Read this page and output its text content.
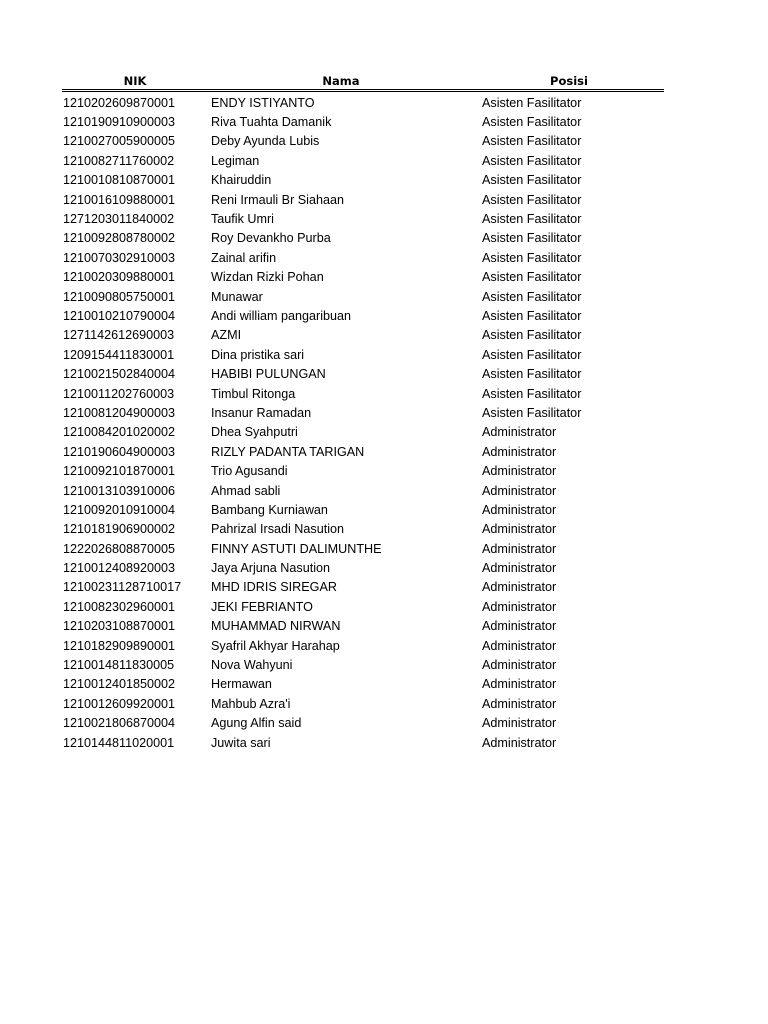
NIK	Nama	Posisi
1210202609870001	ENDY ISTIYANTO	Asisten Fasilitator
1210190910900003	Riva Tuahta Damanik	Asisten Fasilitator
1210027005900005	Deby Ayunda Lubis	Asisten Fasilitator
1210082711760002	Legiman	Asisten Fasilitator
1210010810870001	Khairuddin	Asisten Fasilitator
1210016109880001	Reni Irmauli Br Siahaan	Asisten Fasilitator
1271203011840002	Taufik Umri	Asisten Fasilitator
1210092808780002	Roy Devankho Purba	Asisten Fasilitator
1210070302910003	Zainal arifin	Asisten Fasilitator
1210020309880001	Wizdan Rizki Pohan	Asisten Fasilitator
1210090805750001	Munawar	Asisten Fasilitator
1210010210790004	Andi william pangaribuan	Asisten Fasilitator
1271142612690003	AZMI	Asisten Fasilitator
1209154411830001	Dina pristika sari	Asisten Fasilitator
1210021502840004	HABIBI PULUNGAN	Asisten Fasilitator
1210011202760003	Timbul Ritonga	Asisten Fasilitator
1210081204900003	Insanur Ramadan	Asisten Fasilitator
1210084201020002	Dhea Syahputri	Administrator
1210190604900003	RIZLY PADANTA TARIGAN	Administrator
1210092101870001	Trio Agusandi	Administrator
1210013103910006	Ahmad sabli	Administrator
1210092010910004	Bambang Kurniawan	Administrator
1210181906900002	Pahrizal Irsadi Nasution	Administrator
1222026808870005	FINNY ASTUTI DALIMUNTHE	Administrator
1210012408920003	Jaya Arjuna Nasution	Administrator
12100231128710017	MHD IDRIS SIREGAR	Administrator
1210082302960001	JEKI FEBRIANTO	Administrator
1210203108870001	MUHAMMAD NIRWAN	Administrator
1210182909890001	Syafril Akhyar Harahap	Administrator
1210014811830005	Nova Wahyuni	Administrator
1210012401850002	Hermawan	Administrator
1210012609920001	Mahbub Azra'i	Administrator
1210021806870004	Agung Alfin said	Administrator
1210144811020001	Juwita sari	Administrator
